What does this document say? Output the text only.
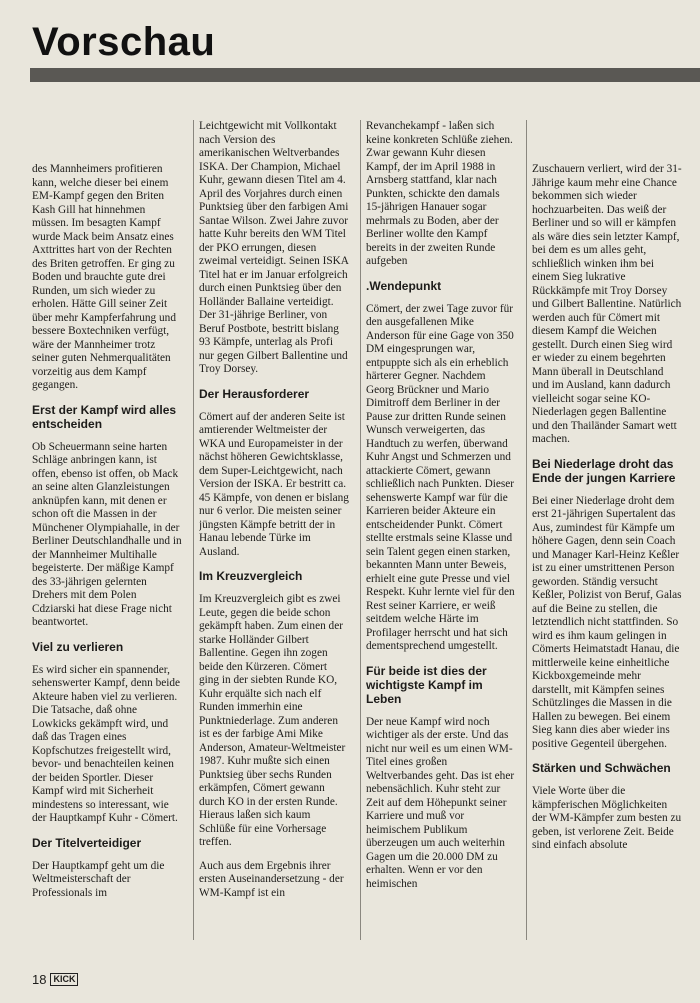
Vorschau

des Mannheimers profitieren kann, welche dieser bei einem EM-Kampf gegen den Briten Kash Gill hat hinnehmen müssen. Im besagten Kampf wurde Mack beim Ansatz eines Axttrittes hart von der Rechten des Briten getroffen. Er ging zu Boden und brauchte gute drei Runden, um sich wieder zu erholen. Hätte Gill seiner Zeit über mehr Kampferfahrung und bessere Boxtechniken verfügt, wäre der Mannheimer trotz seiner guten Nehmerqualitäten vorzeitig aus dem Kampf gegangen.

Erst der Kampf wird alles entscheiden

Ob Scheuermann seine harten Schläge anbringen kann, ist offen, ebenso ist offen, ob Mack an seine alten Glanzleistungen anknüpfen kann, mit denen er schon oft die Massen in der Münchener Olympiahalle, in der Berliner Deutschlandhalle und in der Mannheimer Multihalle begeisterte. Der mäßige Kampf des 33-jährigen gelernten Drehers mit dem Polen Cdziarski hat diese Frage nicht beantwortet.

Viel zu verlieren

Es wird sicher ein spannender, sehenswerter Kampf, denn beide Akteure haben viel zu verlieren. Die Tatsache, daß ohne Lowkicks gekämpft wird, und daß das Tragen eines Kopfschutzes freigestellt wird, bevor- und benachteilen keinen der beiden Sportler. Dieser Kampf wird mit Sicherheit mindestens so interessant, wie der Hauptkampf Kuhr - Cömert.

Der Titelverteidiger

Der Hauptkampf geht um die Weltmeisterschaft der Professionals im

Leichtgewicht mit Vollkontakt nach Version des amerikanischen Weltverbandes ISKA. Der Champion, Michael Kuhr, gewann diesen Titel am 4. April des Vorjahres durch einen Punktsieg über den farbigen Ami Santae Wilson. Zwei Jahre zuvor hatte Kuhr bereits den WM Titel der PKO errungen, diesen zweimal verteidigt. Seinen ISKA Titel hat er im Januar erfolgreich durch einen Punktsieg über den Holländer Ballaine verteidigt. Der 31-jährige Berliner, von Beruf Postbote, bestritt bislang 93 Kämpfe, unterlag als Profi nur gegen Gilbert Ballentine und Troy Dorsey.

Der Herausforderer

Cömert auf der anderen Seite ist amtierender Weltmeister der WKA und Europameister in der nächst höheren Gewichtsklasse, dem Super-Leichtgewicht, nach Version der ISKA. Er bestritt ca. 45 Kämpfe, von denen er bislang nur 6 verlor. Die meisten seiner jüngsten Kämpfe betritt der in Hanau lebende Türke im Ausland.

Im Kreuzvergleich

Im Kreuzvergleich gibt es zwei Leute, gegen die beide schon gekämpft haben. Zum einen der starke Holländer Gilbert Ballentine. Gegen ihn zogen beide den Kürzeren. Cömert ging in der siebten Runde KO, Kuhr erquälte sich nach elf Runden immerhin eine Punktniederlage. Zum anderen ist es der farbige Ami Mike Anderson, Amateur-Weltmeister 1987. Kuhr mußte sich einen Punktsieg über sechs Runden erkämpfen, Cömert gewann durch KO in der ersten Runde. Hieraus laßen sich kaum Schlüße für eine Vorhersage treffen.

Auch aus dem Ergebnis ihrer ersten Auseinandersetzung - der WM-Kampf ist ein

Revanchekampf - laßen sich keine konkreten Schlüße ziehen. Zwar gewann Kuhr diesen Kampf, der im April 1988 in Arnsberg stattfand, klar nach Punkten, schickte den damals 15-jährigen Hanauer sogar mehrmals zu Boden, aber der Berliner wollte den Kampf bereits in der zweiten Runde aufgeben

.Wendepunkt

Cömert, der zwei Tage zuvor für den ausgefallenen Mike Anderson für eine Gage von 350 DM eingesprungen war, entpuppte sich als ein erheblich härterer Gegner. Nachdem Georg Brückner und Mario Dimitroff dem Berliner in der Pause zur dritten Runde seinen Wunsch verweigerten, das Handtuch zu werfen, überwand Kuhr Angst und Schmerzen und attackierte Cömert, gewann schließlich nach Punkten. Dieser sehenswerte Kampf war für die Karrieren beider Akteure ein entscheidender Punkt. Cömert stellte erstmals seine Klasse und sein Talent gegen einen starken, bekannten Mann unter Beweis, erhielt eine gute Presse und viel Respekt. Kuhr lernte viel für den Rest seiner Karriere, er weiß seitdem welche Härte im Profilager herrscht und hat sich dementsprechend umgestellt.

Für beide ist dies der wichtigste Kampf im Leben

Der neue Kampf wird noch wichtiger als der erste. Und das nicht nur weil es um einen WM-Titel eines großen Weltverbandes geht. Das ist eher nebensächlich. Kuhr steht zur Zeit auf dem Höhepunkt seiner Karriere und muß vor heimischem Publikum überzeugen um auch weiterhin Gagen um die 20.000 DM zu erhalten. Wenn er vor den heimischen

Zuschauern verliert, wird der 31-Jährige kaum mehr eine Chance bekommen sich wieder hochzuarbeiten. Das weiß der Berliner und so will er kämpfen als wäre dies sein letzter Kampf, bei dem es um alles geht, schließlich winken ihm bei einem Sieg lukrative Rückkämpfe mit Troy Dorsey und Gilbert Ballentine. Natürlich werden auch für Cömert mit diesem Kampf die Weichen gestellt. Durch einen Sieg wird er wieder zu einem begehrten Mann überall in Deutschland und im Ausland, kann dadurch vielleicht sogar seine KO-Niederlagen gegen Ballentine und den Thailänder Samart wett machen.

Bei Niederlage droht das Ende der jungen Karriere

Bei einer Niederlage droht dem erst 21-jährigen Supertalent das Aus, zumindest für Kämpfe um höhere Gagen, denn sein Coach und Manager Karl-Heinz Keßler ist zu einer umstrittenen Person geworden. Ständig versucht Keßler, Polizist von Beruf, Galas auf die Beine zu stellen, die letztendlich nicht stattfinden. So wird es ihm kaum gelingen in Cömerts Heimatstadt Hanau, die mittlerweile keine einheitliche Kickboxgemeinde mehr darstellt, mit Kämpfen seines Schützlinges die Massen in die Hallen zu bewegen. Bei einem Sieg kann dies aber wieder ins positive Gegenteil übergehen.

Stärken und Schwächen

Viele Worte über die kämpferischen Möglichkeiten der WM-Kämpfer zum besten zu geben, ist verlorene Zeit. Beide sind einfach absolute

18 KICK
